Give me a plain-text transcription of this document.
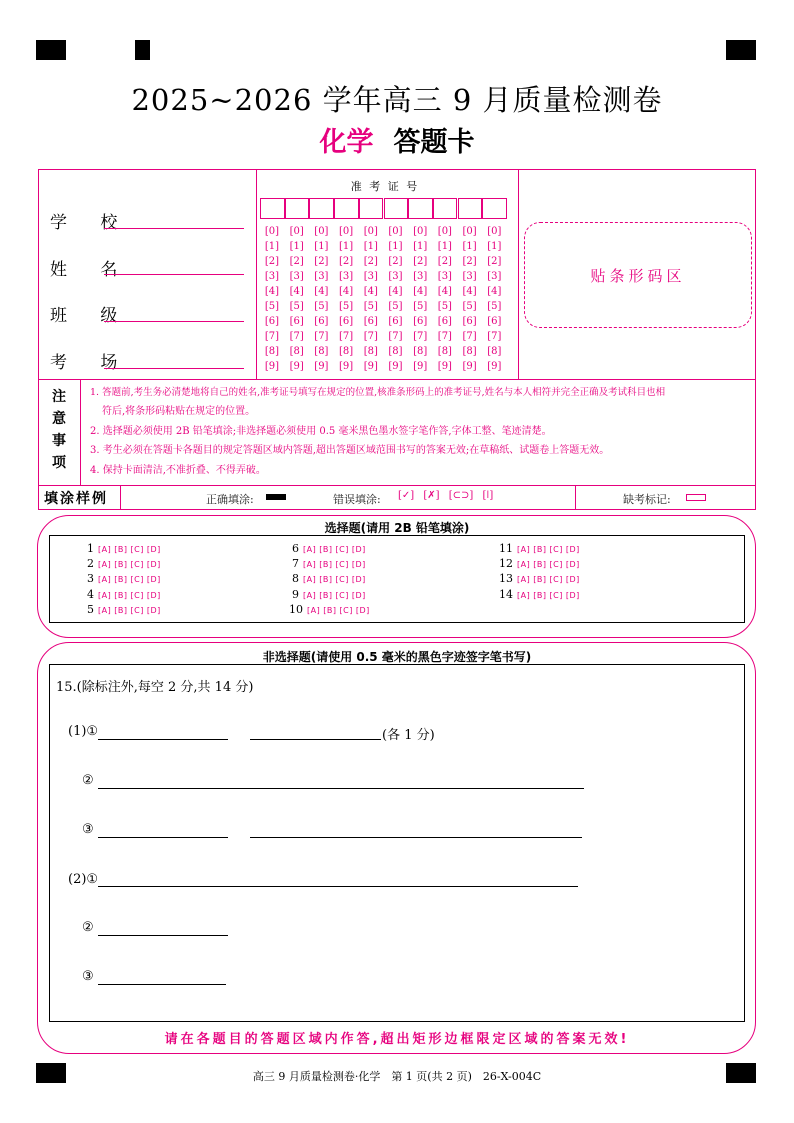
2025~2026 学年高三 9 月质量检测卷
化学 答题卡
学 校
姓 名
班 级
考 场
准 考 证 号
[0]	[0]	[0]	[0]	[0]	[0]	[0]	[0]	[0]	[0]
[1]	[1]	[1]	[1]	[1]	[1]	[1]	[1]	[1]	[1]
[2]	[2]	[2]	[2]	[2]	[2]	[2]	[2]	[2]	[2]
[3]	[3]	[3]	[3]	[3]	[3]	[3]	[3]	[3]	[3]
[4]	[4]	[4]	[4]	[4]	[4]	[4]	[4]	[4]	[4]
[5]	[5]	[5]	[5]	[5]	[5]	[5]	[5]	[5]	[5]
[6]	[6]	[6]	[6]	[6]	[6]	[6]	[6]	[6]	[6]
[7]	[7]	[7]	[7]	[7]	[7]	[7]	[7]	[7]	[7]
[8]	[8]	[8]	[8]	[8]	[8]	[8]	[8]	[8]	[8]
[9]	[9]	[9]	[9]	[9]	[9]	[9]	[9]	[9]	[9]
贴条形码区
注
意
事
项
1. 答题前,考生务必清楚地将自己的姓名,准考证号填写在规定的位置,核准条形码上的准考证号,姓名与本人相符并完全正确及考试科目也相
符后,将条形码粘贴在规定的位置。
2. 选择题必须使用 2B 铅笔填涂;非选择题必须使用 0.5 毫米黑色墨水签字笔作答,字体工整、笔迹清楚。
3. 考生必须在答题卡各题目的规定答题区域内答题,超出答题区域范围书写的答案无效;在草稿纸、试题卷上答题无效。
4. 保持卡面清洁,不准折叠、不得弄破。
填涂样例	正确填涂:	错误填涂: [✓] [✗] [⊂⊃] [ǀ]	缺考标记:
选择题(请用 2B 铅笔填涂)
1 [A] [B] [C] [D]
2 [A] [B] [C] [D]
3 [A] [B] [C] [D]
4 [A] [B] [C] [D]
5 [A] [B] [C] [D]
6 [A] [B] [C] [D]
7 [A] [B] [C] [D]
8 [A] [B] [C] [D]
9 [A] [B] [C] [D]
10 [A] [B] [C] [D]
11 [A] [B] [C] [D]
12 [A] [B] [C] [D]
13 [A] [B] [C] [D]
14 [A] [B] [C] [D]
非选择题(请使用 0.5 毫米的黑色字迹签字笔书写)
15.(除标注外,每空 2 分,共 14 分)
(1)①	(各 1 分)
②
③
(2)①
②
③
请在各题目的答题区域内作答,超出矩形边框限定区域的答案无效!
高三 9 月质量检测卷·化学　第 1 页(共 2 页)　26-X-004C
